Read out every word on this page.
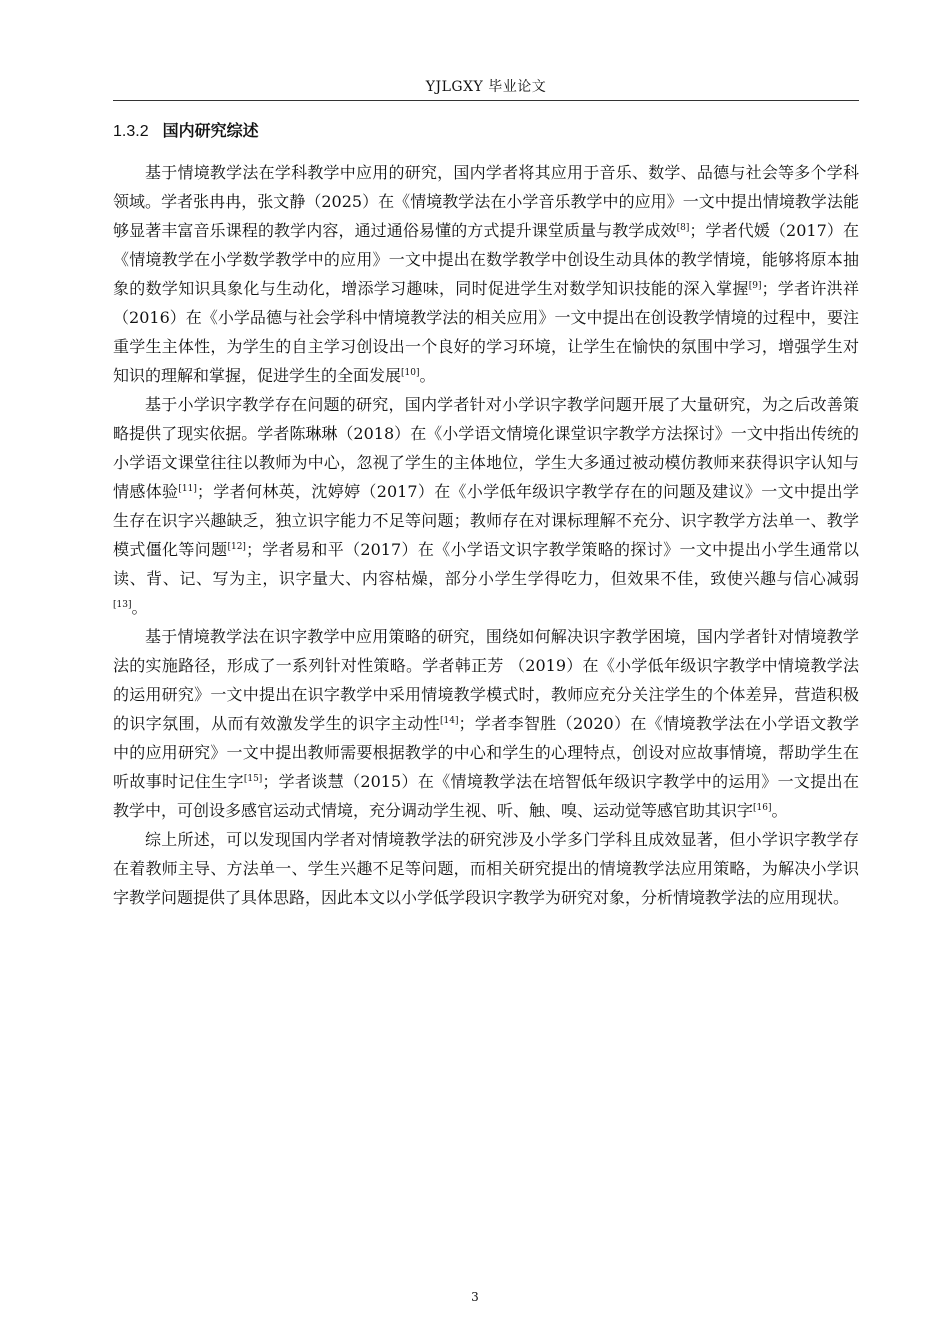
YJLGXY 毕业论文
1.3.2 国内研究综述

基于情境教学法在学科教学中应用的研究，国内学者将其应用于音乐、数学、品德与社会等多个学科领域。学者张冉冉，张文静（2025）在《情境教学法在小学音乐教学中的应用》一文中提出情境教学法能够显著丰富音乐课程的教学内容，通过通俗易懂的方式提升课堂质量与教学成效[8]；学者代媛（2017）在《情境教学在小学数学教学中的应用》一文中提出在数学教学中创设生动具体的教学情境，能够将原本抽象的数学知识具象化与生动化，增添学习趣味，同时促进学生对数学知识技能的深入掌握[9]；学者许洪祥（2016）在《小学品德与社会学科中情境教学法的相关应用》一文中提出在创设教学情境的过程中，要注重学生主体性，为学生的自主学习创设出一个良好的学习环境，让学生在愉快的氛围中学习，增强学生对知识的理解和掌握，促进学生的全面发展[10]。

基于小学识字教学存在问题的研究，国内学者针对小学识字教学问题开展了大量研究，为之后改善策略提供了现实依据。学者陈琳琳（2018）在《小学语文情境化课堂识字教学方法探讨》一文中指出传统的小学语文课堂往往以教师为中心，忽视了学生的主体地位，学生大多通过被动模仿教师来获得识字认知与情感体验[11]；学者何林英，沈婷婷（2017）在《小学低年级识字教学存在的问题及建议》一文中提出学生存在识字兴趣缺乏，独立识字能力不足等问题；教师存在对课标理解不充分、识字教学方法单一、教学模式僵化等问题[12]；学者易和平（2017）在《小学语文识字教学策略的探讨》一文中提出小学生通常以读、背、记、写为主，识字量大、内容枯燥，部分小学生学得吃力，但效果不佳，致使兴趣与信心减弱[13]。

基于情境教学法在识字教学中应用策略的研究，围绕如何解决识字教学困境，国内学者针对情境教学法的实施路径，形成了一系列针对性策略。学者韩正芳 （2019）在《小学低年级识字教学中情境教学法的运用研究》一文中提出在识字教学中采用情境教学模式时，教师应充分关注学生的个体差异，营造积极的识字氛围，从而有效激发学生的识字主动性[14]；学者李智胜（2020）在《情境教学法在小学语文教学中的应用研究》一文中提出教师需要根据教学的中心和学生的心理特点，创设对应故事情境，帮助学生在听故事时记住生字[15]；学者谈慧（2015）在《情境教学法在培智低年级识字教学中的运用》一文提出在教学中，可创设多感官运动式情境，充分调动学生视、听、触、嗅、运动觉等感官助其识字[16]。

综上所述，可以发现国内学者对情境教学法的研究涉及小学多门学科且成效显著，但小学识字教学存在着教师主导、方法单一、学生兴趣不足等问题，而相关研究提出的情境教学法应用策略，为解决小学识字教学问题提供了具体思路，因此本文以小学低学段识字教学为研究对象，分析情境教学法的应用现状。

3
